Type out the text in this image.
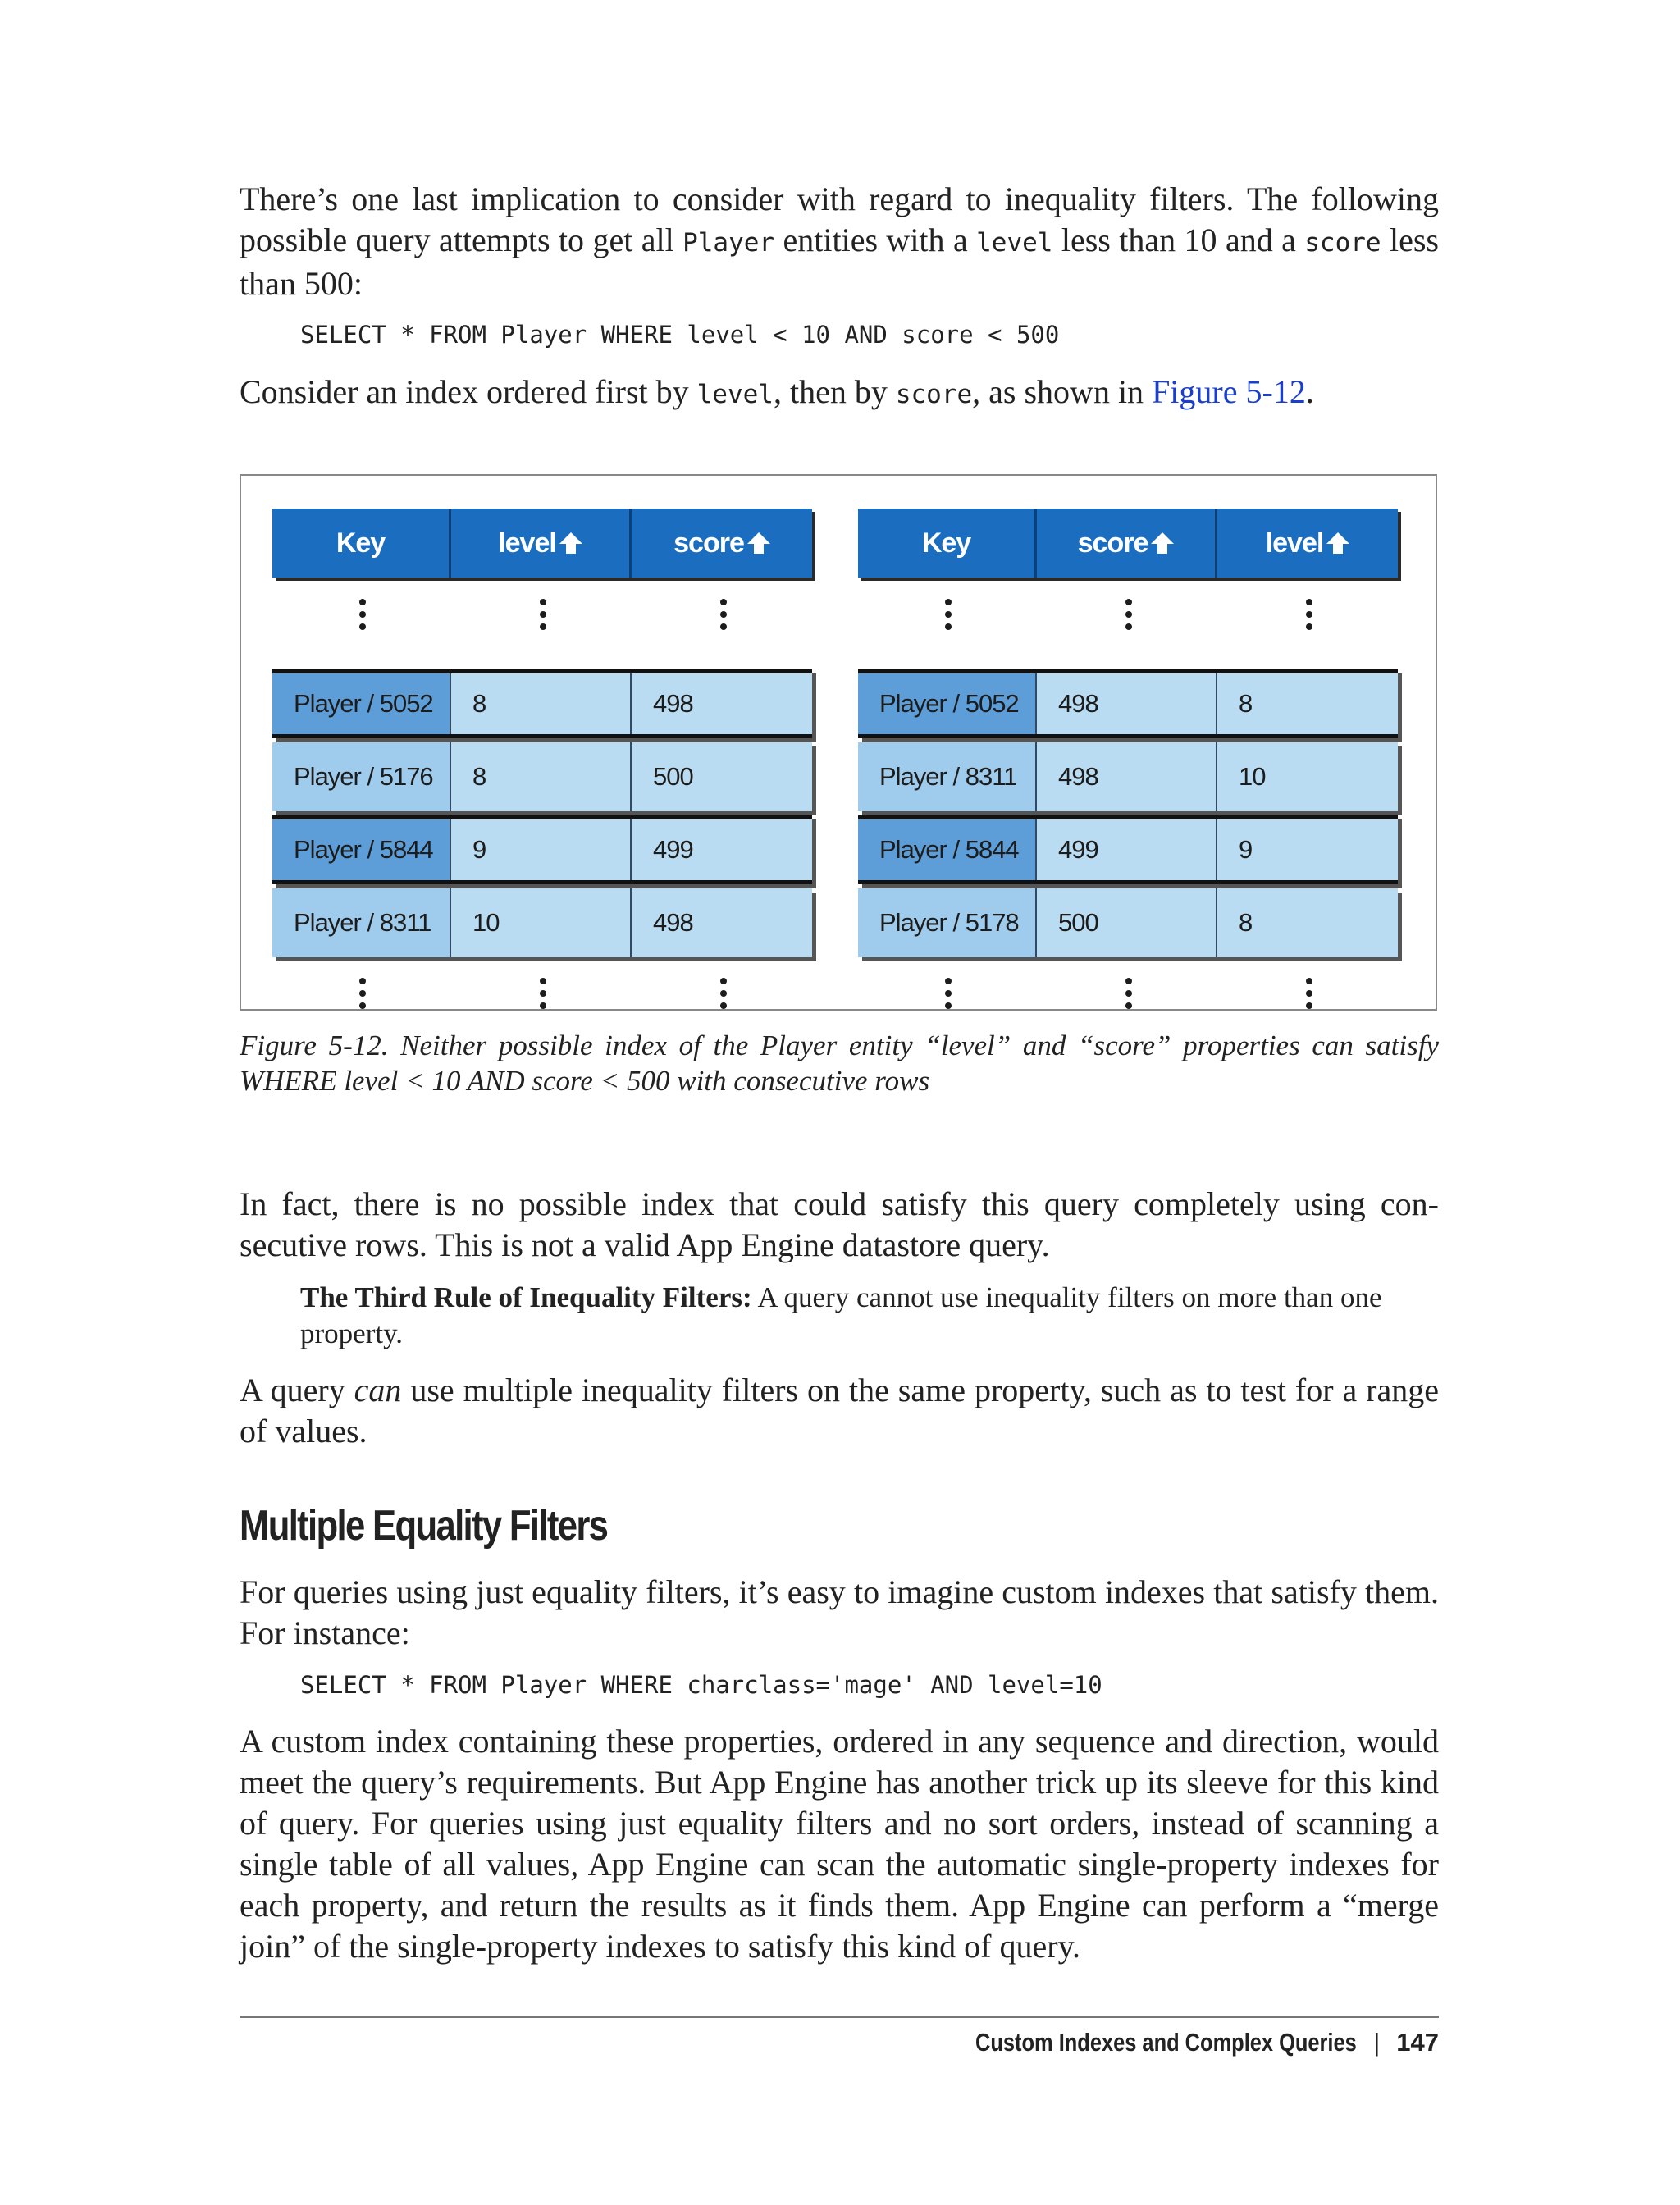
There’s one last implication to consider with regard to inequality filters. The following possible query attempts to get all Player entities with a level less than 10 and a score less than 500:

SELECT * FROM Player WHERE level < 10 AND score < 500

Consider an index ordered first by level, then by score, as shown in Figure 5-12.

Key	level	score
Player / 5052	8	498
Player / 5176	8	500
Player / 5844	9	499
Player / 8311	10	498
Key	score	level
Player / 5052	498	8
Player / 8311	498	10
Player / 5844	499	9
Player / 5178	500	8

Figure 5-12. Neither possible index of the Player entity “level” and “score” properties can satisfy WHERE level < 10 AND score < 500 with consecutive rows

In fact, there is no possible index that could satisfy this query completely using consecutive rows. This is not a valid App Engine datastore query.

The Third Rule of Inequality Filters: A query cannot use inequality filters on more than one property.

A query can use multiple inequality filters on the same property, such as to test for a range of values.

Multiple Equality Filters

For queries using just equality filters, it’s easy to imagine custom indexes that satisfy them. For instance:

SELECT * FROM Player WHERE charclass='mage' AND level=10

A custom index containing these properties, ordered in any sequence and direction, would meet the query’s requirements. But App Engine has another trick up its sleeve for this kind of query. For queries using just equality filters and no sort orders, instead of scanning a single table of all values, App Engine can scan the automatic single-property indexes for each property, and return the results as it finds them. App Engine can perform a “merge join” of the single-property indexes to satisfy this kind of query.

Custom Indexes and Complex Queries | 147
